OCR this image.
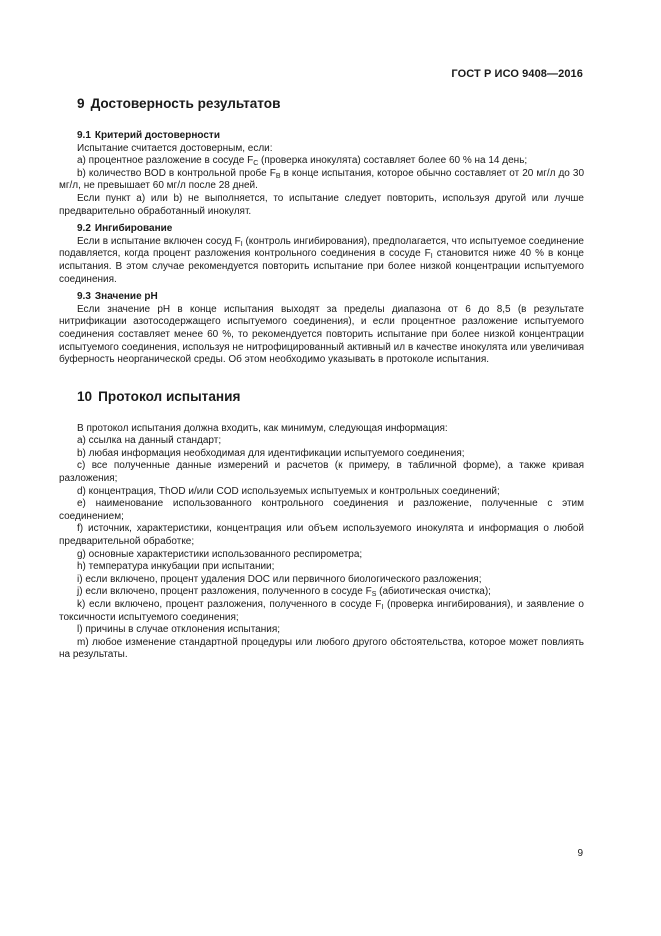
ГОСТ Р ИСО 9408—2016
9 Достоверность результатов
9.1 Критерий достоверности

Испытание считается достоверным, если:

а) процентное разложение в сосуде $F_C$ (проверка инокулята) составляет более 60 % на 14 день;

b) количество BOD в контрольной пробе $F_B$ в конце испытания, которое обычно составляет от 20 мг/л до 30 мг/л, не превышает 60 мг/л после 28 дней.

Если пункт а) или b) не выполняется, то испытание следует повторить, используя другой или лучше предварительно обработанный инокулят.

9.2 Ингибирование

Если в испытание включен сосуд $F_I$ (контроль ингибирования), предполагается, что испытуемое соединение подавляется, когда процент разложения контрольного соединения в сосуде $F_I$ становится ниже 40 % в конце испытания. В этом случае рекомендуется повторить испытание при более низкой концентрации испытуемого соединения.

9.3 Значение pH

Если значение pH в конце испытания выходят за пределы диапазона от 6 до 8,5 (в результате нитрификации азотосодержащего испытуемого соединения), и если процентное разложение испытуемого соединения составляет менее 60 %, то рекомендуется повторить испытание при более низкой концентрации испытуемого соединения, используя не нитрофицированный активный ил в качестве инокулята или увеличивая буферность неорганической среды. Об этом необходимо указывать в протоколе испытания.

10 Протокол испытания

В протокол испытания должна входить, как минимум, следующая информация:

а) ссылка на данный стандарт;

b) любая информация необходимая для идентификации испытуемого соединения;

c) все полученные данные измерений и расчетов (к примеру, в табличной форме), а также кривая разложения;

d) концентрация, ThOD и/или COD используемых испытуемых и контрольных соединений;

e) наименование использованного контрольного соединения и разложение, полученные с этим соединением;

f) источник, характеристики, концентрация или объем используемого инокулята и информация о любой предварительной обработке;

g) основные характеристики использованного респирометра;

h) температура инкубации при испытании;

i) если включено, процент удаления DOC или первичного биологического разложения;

j) если включено, процент разложения, полученного в сосуде $F_S$ (абиотическая очистка);

k) если включено, процент разложения, полученного в сосуде $F_I$ (проверка ингибирования), и заявление о токсичности испытуемого соединения;

l) причины в случае отклонения испытания;

m) любое изменение стандартной процедуры или любого другого обстоятельства, которое может повлиять на результаты.

9
